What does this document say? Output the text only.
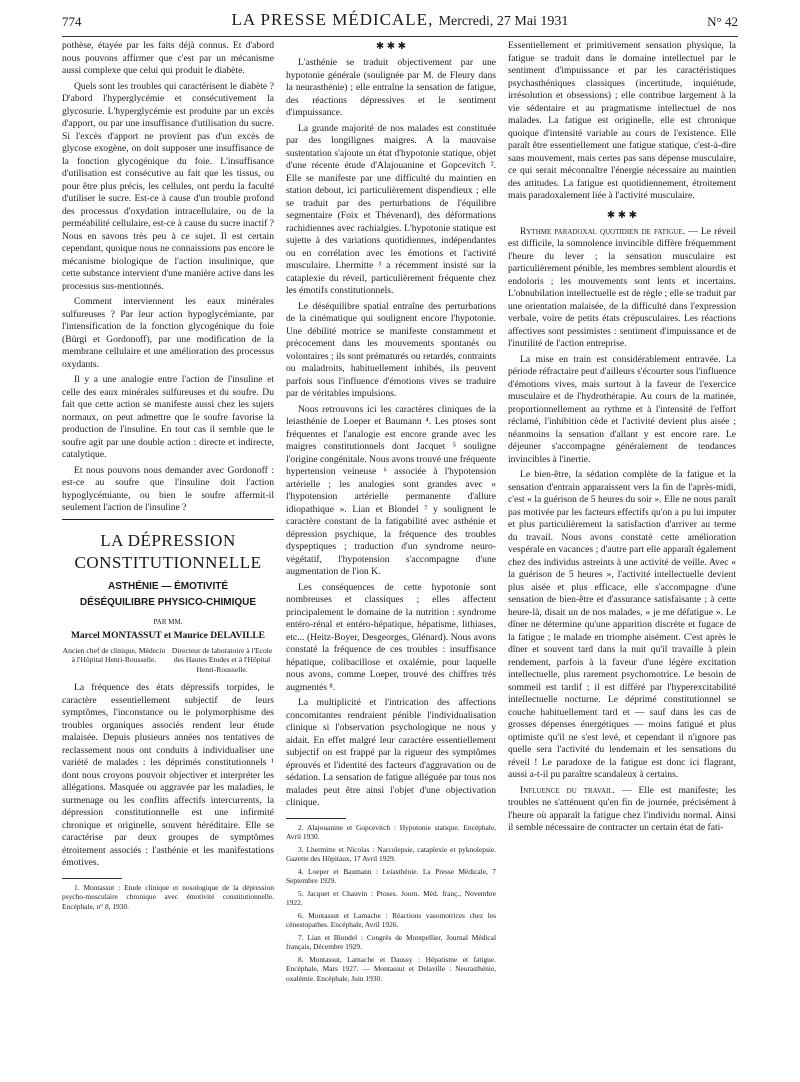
774	LA PRESSE MÉDICALE, Mercredi, 27 Mai 1931	N° 42

pothèse, étayée par les faits déjà connus. Et d'abord nous pouvons affirmer que c'est par un mécanisme aussi complexe que celui qui produit le diabète.

Quels sont les troubles qui caractérisent le diabète ? D'abord l'hyperglycémie et consécutivement la glycosurie. L'hyperglycémie est produite par un excès d'apport, ou par une insuffisance d'utilisation du sucre. Si l'excès d'apport ne provient pas d'un excès de glycose exogène, on doit supposer une insuffisance de la fonction glycogénique du foie. L'insuffisance d'utilisation est consécutive au fait que les tissus, ou pour être plus précis, les cellules, ont perdu la faculté d'utiliser le sucre. Est-ce à cause d'un trouble profond des processus d'oxydation intracellulaire, ou de la perméabilité cellulaire, est-ce à cause du sucre inactif ? Nous en savons très peu à ce sujet. Il est certain cependant, quoique nous ne connaissions pas encore le mécanisme biologique de l'action insulinique, que cette substance intervient d'une manière active dans les processus sus-mentionnés.

Comment interviennent les eaux minérales sulfureuses ? Par leur action hypoglycémiante, par l'intensification de la fonction glycogénique du foie (Bürgi et Gordonoff), par une modification de la membrane cellulaire et une amélioration des processus oxydants.

Il y a une analogie entre l'action de l'insuline et celle des eaux minérales sulfureuses et du soufre. Du fait que cette action se manifeste aussi chez les sujets normaux, on peut admettre que le soufre favorise la production de l'insuline. En tout cas il semble que le soufre agit par une double action : directe et indirecte, catalytique.

Et nous pouvons nous demander avec Gordonoff : est-ce au soufre que l'insuline doit l'action hypoglycémiante, ou bien le soufre affermit-il seulement l'action de l'insuline ?

LA DÉPRESSION
CONSTITUTIONNELLE
ASTHÉNIE — ÉMOTIVITÉ
DÉSÉQUILIBRE PHYSICO-CHIMIQUE
PAR MM.
Marcel MONTASSUT et Maurice DELAVILLE
Ancien chef de clinique, Médecin à l'Hôpital Henri-Rousselle.
Directeur de laboratoire à l'Ecole des Hautes Etudes et à l'Hôpital Henri-Rousselle.

La fréquence des états dépressifs torpides, le caractère essentiellement subjectif de leurs symptômes, l'inconstance ou le polymorphisme des troubles organiques associés rendent leur étude malaisée. Depuis plusieurs années nos tentatives de reclassement nous ont conduits à individualiser une variété de malades : les déprimés constitutionnels ¹ dont nous croyons pouvoir objectiver et interpréter les allégations. Masquée ou aggravée par les maladies, le surmenage ou les conflits affectifs intercurrents, la dépression constitutionnelle est une infirmité chronique et originelle, souvent héréditaire. Elle se caractérise par deux groupes de symptômes étroitement associés : l'asthénie et les manifestations émotives.

1. Montassut : Etude clinique et nosologique de la dépression psycho-musculaire chronique avec émotivité constitutionnelle. Encéphale, n° 8, 1930.

✱ ✱ ✱

L'asthénie se traduit objectivement par une hypotonie générale (soulignée par M. de Fleury dans la neurasthénie) ; elle entraîne la sensation de fatigue, des réactions dépressives et le sentiment d'impuissance.

La grande majorité de nos malades est constituée par des longilignes maigres. A la mauvaise sustentation s'ajoute un état d'hypotonie statique, objet d'une récente étude d'Alajouanine et Gopcevitch ². Elle se manifeste par une difficulté du maintien en station debout, ici particulièrement dispendieux ; elle se traduit par des perturbations de l'équilibre segmentaire (Foix et Thévenard), des déformations rachidiennes avec rachialgies. L'hypotonie statique est sujette à des variations quotidiennes, indépendantes ou en corrélation avec les émotions et l'activité musculaire. Lhermitte ³ a récemment insisté sur la cataplexie du réveil, particulièrement fréquente chez les émotifs constitutionnels.

Le déséquilibre spatial entraîne des perturbations de la cinématique qui soulignent encore l'hypotonie. Une débilité motrice se manifeste constamment et précocement dans les mouvements spontanés ou volontaires ; ils sont prématurés ou retardés, contraints ou maladroits, habituellement inhibés, ils peuvent parfois sous l'influence d'émotions vives se traduire par de véritables impulsions.

Nous retrouvons ici les caractères cliniques de la leiasthénie de Loeper et Baumann ⁴. Les ptoses sont fréquentes et l'analogie est encore grande avec les maigres constitutionnels dont Jacquet ⁵ souligne l'origine congénitale. Nous avons trouvé une fréquente hypertension veineuse ⁶ associée à l'hypotension artérielle ; les analogies sont grandes avec « l'hypotension artérielle permanente d'allure idiopathique ». Lian et Blondel ⁷ y soulignent le caractère constant de la fatigabilité avec asthénie et dépression psychique, la fréquence des troubles dyspeptiques ; traduction d'un syndrome neuro-végétatif, l'hypotension s'accompagne d'une augmentation de l'ion K.

Les conséquences de cette hypotonie sont nombreuses et classiques ; elles affectent principalement le domaine de la nutrition : syndrome entéro-rénal et entéro-hépatique, hépatisme, lithiases, etc... (Heitz-Boyer, Desgeorges, Glénard). Nous avons constaté la fréquence de ces troubles : insuffisance hépatique, colibacillose et oxalémie, pour laquelle nous avons, comme Loeper, trouvé des chiffres très augmentés ⁸.

La multiplicité et l'intrication des affections concomitantes rendraient pénible l'individualisation clinique si l'observation psychologique ne nous y aidait. En effet malgré leur caractère essentiellement subjectif on est frappé par la rigueur des symptômes éprouvés et l'identité des facteurs d'aggravation ou de sédation. La sensation de fatigue alléguée par tous nos malades peut être ainsi l'objet d'une objectivation clinique.

2. Alajouanine et Gopcevitch : Hypotonie statique. Encéphale, Avril 1930.

3. Lhermitte et Nicolas : Narcolepsie, cataplexie et pyknolepsie. Gazette des Hôpitaux, 17 Avril 1929.

4. Loeper et Baumann : Leiasthénie. La Presse Médicale, 7 Septembre 1929.

5. Jacquet et Chauvin : Ptoses. Journ. Méd. franç., Novembre 1922.

6. Montassut et Lamache : Réactions vasomotrices chez les cénestopathes. Encéphale, Avril 1926.

7. Lian et Blondel : Congrès de Montpellier, Journal Médical français, Décembre 1929.

8. Montassut, Lamache et Daussy : Hépatisme et fatigue. Encéphale, Mars 1927. — Montassut et Delaville : Neurasthénie, oxalémie. Encéphale, Juin 1930.

Essentiellement et primitivement sensation physique, la fatigue se traduit dans le domaine intellectuel par le sentiment d'impuissance et par les caractéristiques psychasthéniques classiques (incertitude, inquiétude, irrésolution et obsessions) ; elle contribue largement à la vie sédentaire et au pragmatisme intellectuel de nos malades. La fatigue est originelle, elle est chronique quoique d'intensité variable au cours de l'existence. Elle paraît être essentiellement une fatigue statique, c'est-à-dire sans mouvement, mais certes pas sans dépense musculaire, ce qui serait méconnaître l'énergie nécessaire au maintien des attitudes. La fatigue est quotidiennement, étroitement mais paradoxalement liée à l'activité musculaire.

✱ ✱ ✱

Rythme paradoxal quotidien de fatigue. — Le réveil est difficile, la somnolence invincible diffère fréquemment l'heure du lever ; la sensation musculaire est particulièrement pénible, les membres semblent alourdis et endoloris ; les mouvements sont lents et incertains. L'obnubilation intellectuelle est de règle ; elle se traduit par une orientation malaisée, de la difficulté dans l'expression verbale, voire de petits états crépusculaires. Les réactions affectives sont pessimistes : sentiment d'impuissance et de l'inutilité de l'action entreprise.

La mise en train est considérablement entravée. La période réfractaire peut d'ailleurs s'écourter sous l'influence d'émotions vives, mais surtout à la faveur de l'exercice musculaire et de l'hydrothérapie. Au cours de la matinée, proportionnellement au rythme et à l'intensité de l'effort réclamé, l'inhibition cède et l'activité devient plus aisée ; néanmoins la sensation d'allant y est encore rare. Le déjeuner s'accompagne généralement de tendances invincibles à l'inertie.

Le bien-être, la sédation complète de la fatigue et la sensation d'entrain apparaissent vers la fin de l'après-midi, c'est « la guérison de 5 heures du soir ». Elle ne nous paraît pas motivée par les facteurs effectifs qu'on a pu lui imputer et plus particulièrement la satisfaction d'arriver au terme du travail. Nous avons constaté cette amélioration vespérale en vacances ; d'autre part elle apparaît également chez des individus astreints à une activité de veille. Avec « la guérison de 5 heures », l'activité intellectuelle devient plus aisée et plus efficace, elle s'accompagne d'une sensation de bien-être et d'assurance satisfaisante ; à cette heure-là, disait un de nos malades, « je me défatigue ». Le dîner ne détermine qu'une apparition discrète et fugace de la fatigue ; le malade en triomphe aisément. C'est après le dîner et souvent tard dans la nuit qu'il travaille à plein rendement, parfois à la faveur d'une légère excitation intellectuelle, plus rarement psychomotrice. Le besoin de sommeil est tardif ; il est différé par l'hyperexcitabilité intellectuelle nocturne. Le déprimé constitutionnel se couche habituellement tard et — sauf dans les cas de grosses dépenses énergétiques — moins fatigué et plus optimiste qu'il ne s'est levé, et cependant il n'ignore pas quelle sera l'activité du lendemain et les sensations du réveil ! Le paradoxe de la fatigue est donc ici flagrant, aussi a-t-il pu paraître scandaleux à certains.

Influence du travail. — Elle est manifeste; les troubles ne s'atténuent qu'en fin de journée, précisément à l'heure où apparaît la fatigue chez l'individu normal. Ainsi il semble nécessaire de contracter un certain état de fati-
